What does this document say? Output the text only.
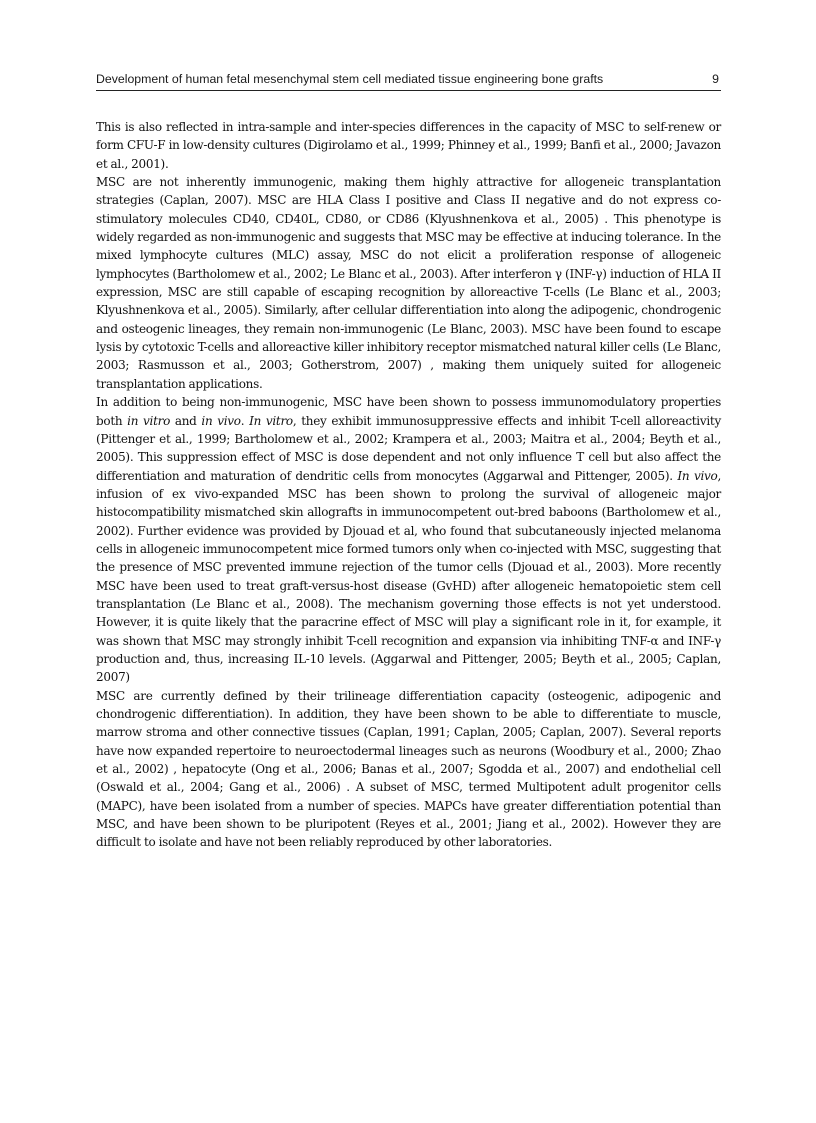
Development of human fetal mesenchymal stem cell mediated tissue engineering bone grafts	9

This is also reflected in intra-sample and inter-species differences in the capacity of MSC to self-renew or form CFU-F in low-density cultures (Digirolamo et al., 1999; Phinney et al., 1999; Banfi et al., 2000; Javazon et al., 2001).

MSC are not inherently immunogenic, making them highly attractive for allogeneic transplantation strategies (Caplan, 2007). MSC are HLA Class I positive and Class II negative and do not express co-stimulatory molecules CD40, CD40L, CD80, or CD86 (Klyushnenkova et al., 2005) . This phenotype is widely regarded as non-immunogenic and suggests that MSC may be effective at inducing tolerance. In the mixed lymphocyte cultures (MLC) assay, MSC do not elicit a proliferation response of allogeneic lymphocytes (Bartholomew et al., 2002; Le Blanc et al., 2003). After interferon γ (INF-γ) induction of HLA II expression, MSC are still capable of escaping recognition by alloreactive T-cells (Le Blanc et al., 2003; Klyushnenkova et al., 2005). Similarly, after cellular differentiation into along the adipogenic, chondrogenic and osteogenic lineages, they remain non-immunogenic (Le Blanc, 2003). MSC have been found to escape lysis by cytotoxic T-cells and alloreactive killer inhibitory receptor mismatched natural killer cells (Le Blanc, 2003; Rasmusson et al., 2003; Gotherstrom, 2007) , making them uniquely suited for allogeneic transplantation applications.

In addition to being non-immunogenic, MSC have been shown to possess immunomodulatory properties both in vitro and in vivo. In vitro, they exhibit immunosuppressive effects and inhibit T-cell alloreactivity (Pittenger et al., 1999; Bartholomew et al., 2002; Krampera et al., 2003; Maitra et al., 2004; Beyth et al., 2005). This suppression effect of MSC is dose dependent and not only influence T cell but also affect the differentiation and maturation of dendritic cells from monocytes (Aggarwal and Pittenger, 2005). In vivo, infusion of ex vivo-expanded MSC has been shown to prolong the survival of allogeneic major histocompatibility mismatched skin allografts in immunocompetent out-bred baboons (Bartholomew et al., 2002). Further evidence was provided by Djouad et al, who found that subcutaneously injected melanoma cells in allogeneic immunocompetent mice formed tumors only when co-injected with MSC, suggesting that the presence of MSC prevented immune rejection of the tumor cells (Djouad et al., 2003). More recently MSC have been used to treat graft-versus-host disease (GvHD) after allogeneic hematopoietic stem cell transplantation (Le Blanc et al., 2008). The mechanism governing those effects is not yet understood. However, it is quite likely that the paracrine effect of MSC will play a significant role in it, for example, it was shown that MSC may strongly inhibit T-cell recognition and expansion via inhibiting TNF-α and INF-γ production and, thus, increasing IL-10 levels. (Aggarwal and Pittenger, 2005; Beyth et al., 2005; Caplan, 2007)

MSC are currently defined by their trilineage differentiation capacity (osteogenic, adipogenic and chondrogenic differentiation). In addition, they have been shown to be able to differentiate to muscle, marrow stroma and other connective tissues (Caplan, 1991; Caplan, 2005; Caplan, 2007). Several reports have now expanded repertoire to neuroectodermal lineages such as neurons (Woodbury et al., 2000; Zhao et al., 2002) , hepatocyte (Ong et al., 2006; Banas et al., 2007; Sgodda et al., 2007) and endothelial cell (Oswald et al., 2004; Gang et al., 2006) . A subset of MSC, termed Multipotent adult progenitor cells (MAPC), have been isolated from a number of species. MAPCs have greater differentiation potential than MSC, and have been shown to be pluripotent (Reyes et al., 2001; Jiang et al., 2002). However they are difficult to isolate and have not been reliably reproduced by other laboratories.
